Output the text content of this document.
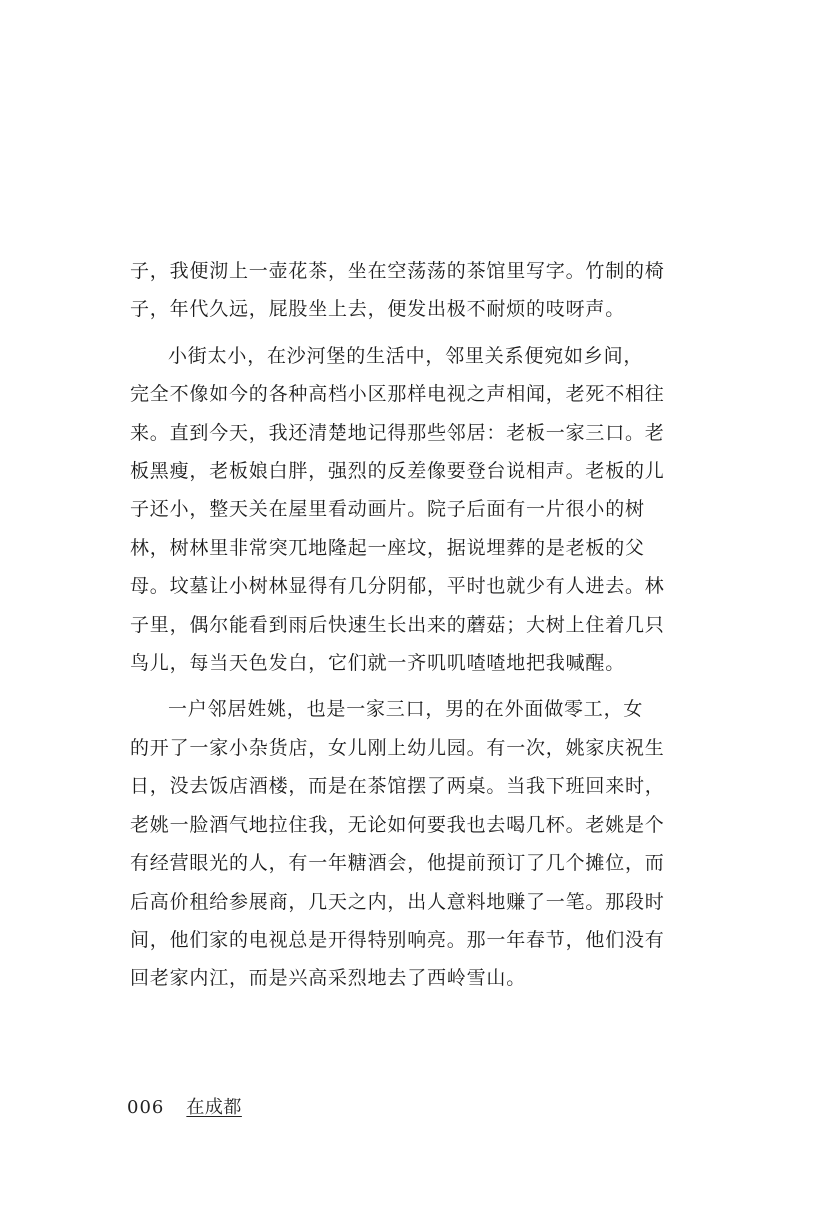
子，我便沏上一壶花茶，坐在空荡荡的茶馆里写字。竹制的椅
子，年代久远，屁股坐上去，便发出极不耐烦的吱呀声。
小街太小，在沙河堡的生活中，邻里关系便宛如乡间，
完全不像如今的各种高档小区那样电视之声相闻，老死不相往
来。直到今天，我还清楚地记得那些邻居：老板一家三口。老
板黑瘦，老板娘白胖，强烈的反差像要登台说相声。老板的儿
子还小，整天关在屋里看动画片。院子后面有一片很小的树
林，树林里非常突兀地隆起一座坟，据说埋葬的是老板的父
母。坟墓让小树林显得有几分阴郁，平时也就少有人进去。林
子里，偶尔能看到雨后快速生长出来的蘑菇；大树上住着几只
鸟儿，每当天色发白，它们就一齐叽叽喳喳地把我喊醒。
一户邻居姓姚，也是一家三口，男的在外面做零工，女
的开了一家小杂货店，女儿刚上幼儿园。有一次，姚家庆祝生
日，没去饭店酒楼，而是在茶馆摆了两桌。当我下班回来时，
老姚一脸酒气地拉住我，无论如何要我也去喝几杯。老姚是个
有经营眼光的人，有一年糖酒会，他提前预订了几个摊位，而
后高价租给参展商，几天之内，出人意料地赚了一笔。那段时
间，他们家的电视总是开得特别响亮。那一年春节，他们没有
回老家内江，而是兴高采烈地去了西岭雪山。
006 在成都
